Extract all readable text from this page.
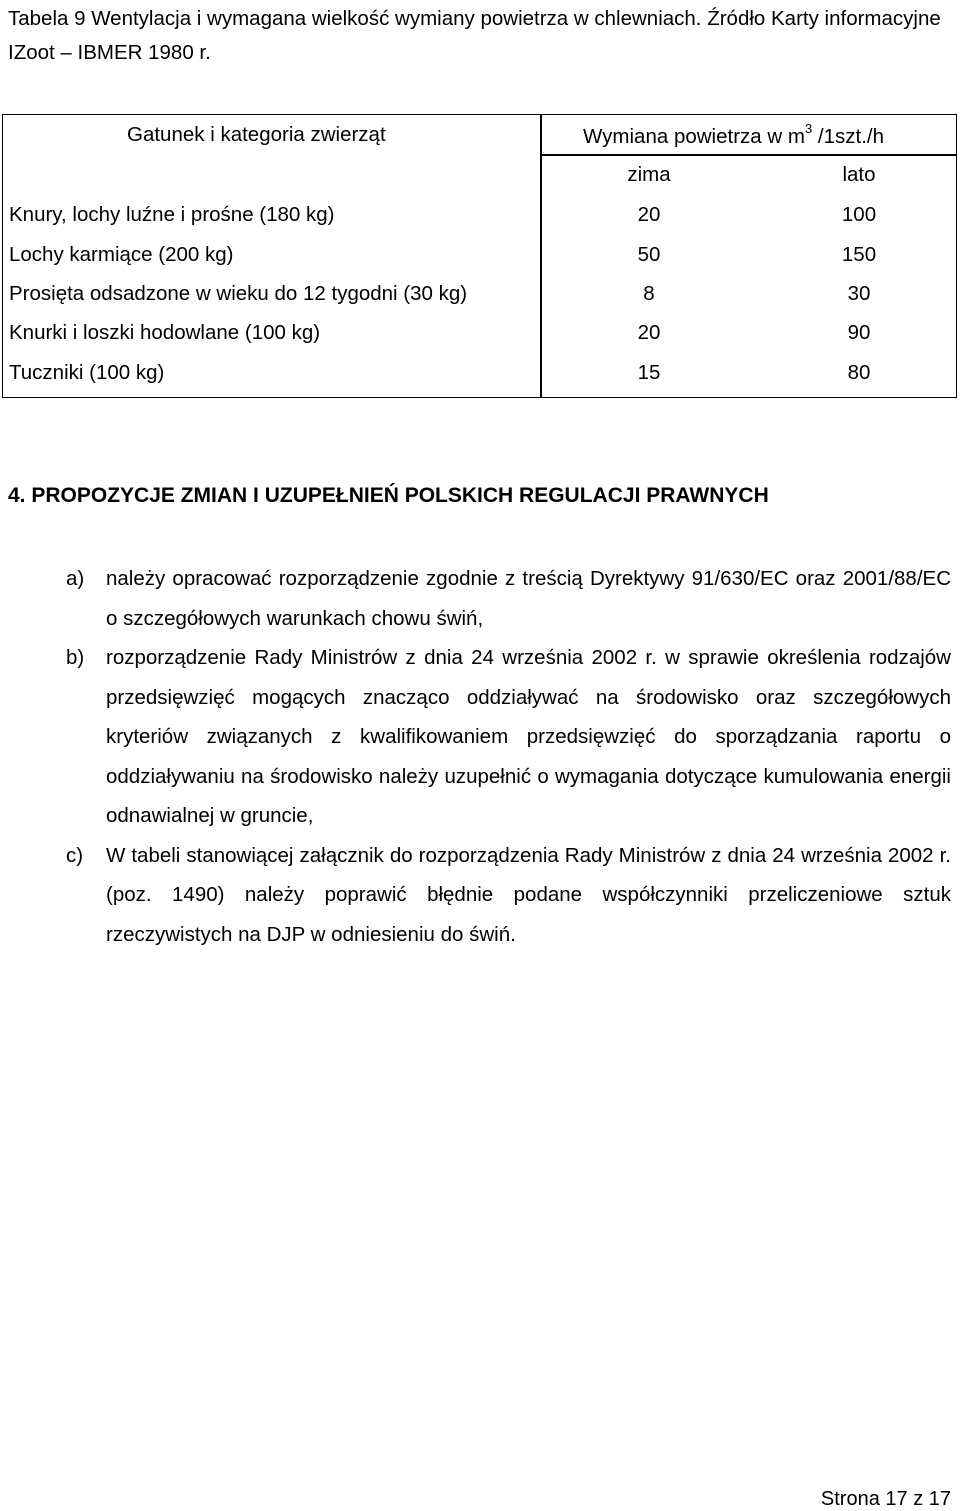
Tabela 9 Wentylacja i wymagana wielkość wymiany powietrza w chlewniach. Źródło Karty informacyjne IZoot – IBMER 1980 r.
Gatunek i kategoria zwierząt	Wymiana powietrza w $m^3$ /1szt./h
zima	lato
Knury, lochy luźne i prośne (180 kg)	20	100
Lochy karmiące (200 kg)	50	150
Prosięta odsadzone w wieku do 12 tygodni (30 kg)	8	30
Knurki i loszki hodowlane (100 kg)	20	90
Tuczniki (100 kg)	15	80
4. PROPOZYCJE ZMIAN I UZUPEŁNIEŃ POLSKICH REGULACJI PRAWNYCH
a) należy opracować rozporządzenie zgodnie z treścią Dyrektywy 91/630/EC oraz 2001/88/EC o szczegółowych warunkach chowu świń,
b) rozporządzenie Rady Ministrów z dnia 24 września 2002 r. w sprawie określenia rodzajów przedsięwzięć mogących znacząco oddziaływać na środowisko oraz szczegółowych kryteriów związanych z kwalifikowaniem przedsięwzięć do sporządzania raportu o oddziaływaniu na środowisko należy uzupełnić o wymagania dotyczące kumulowania energii odnawialnej w gruncie,
c) W tabeli stanowiącej załącznik do rozporządzenia Rady Ministrów z dnia 24 września 2002 r.(poz. 1490) należy poprawić błędnie podane współczynniki przeliczeniowe sztuk rzeczywistych na DJP w odniesieniu do świń.
Strona 17 z 17
